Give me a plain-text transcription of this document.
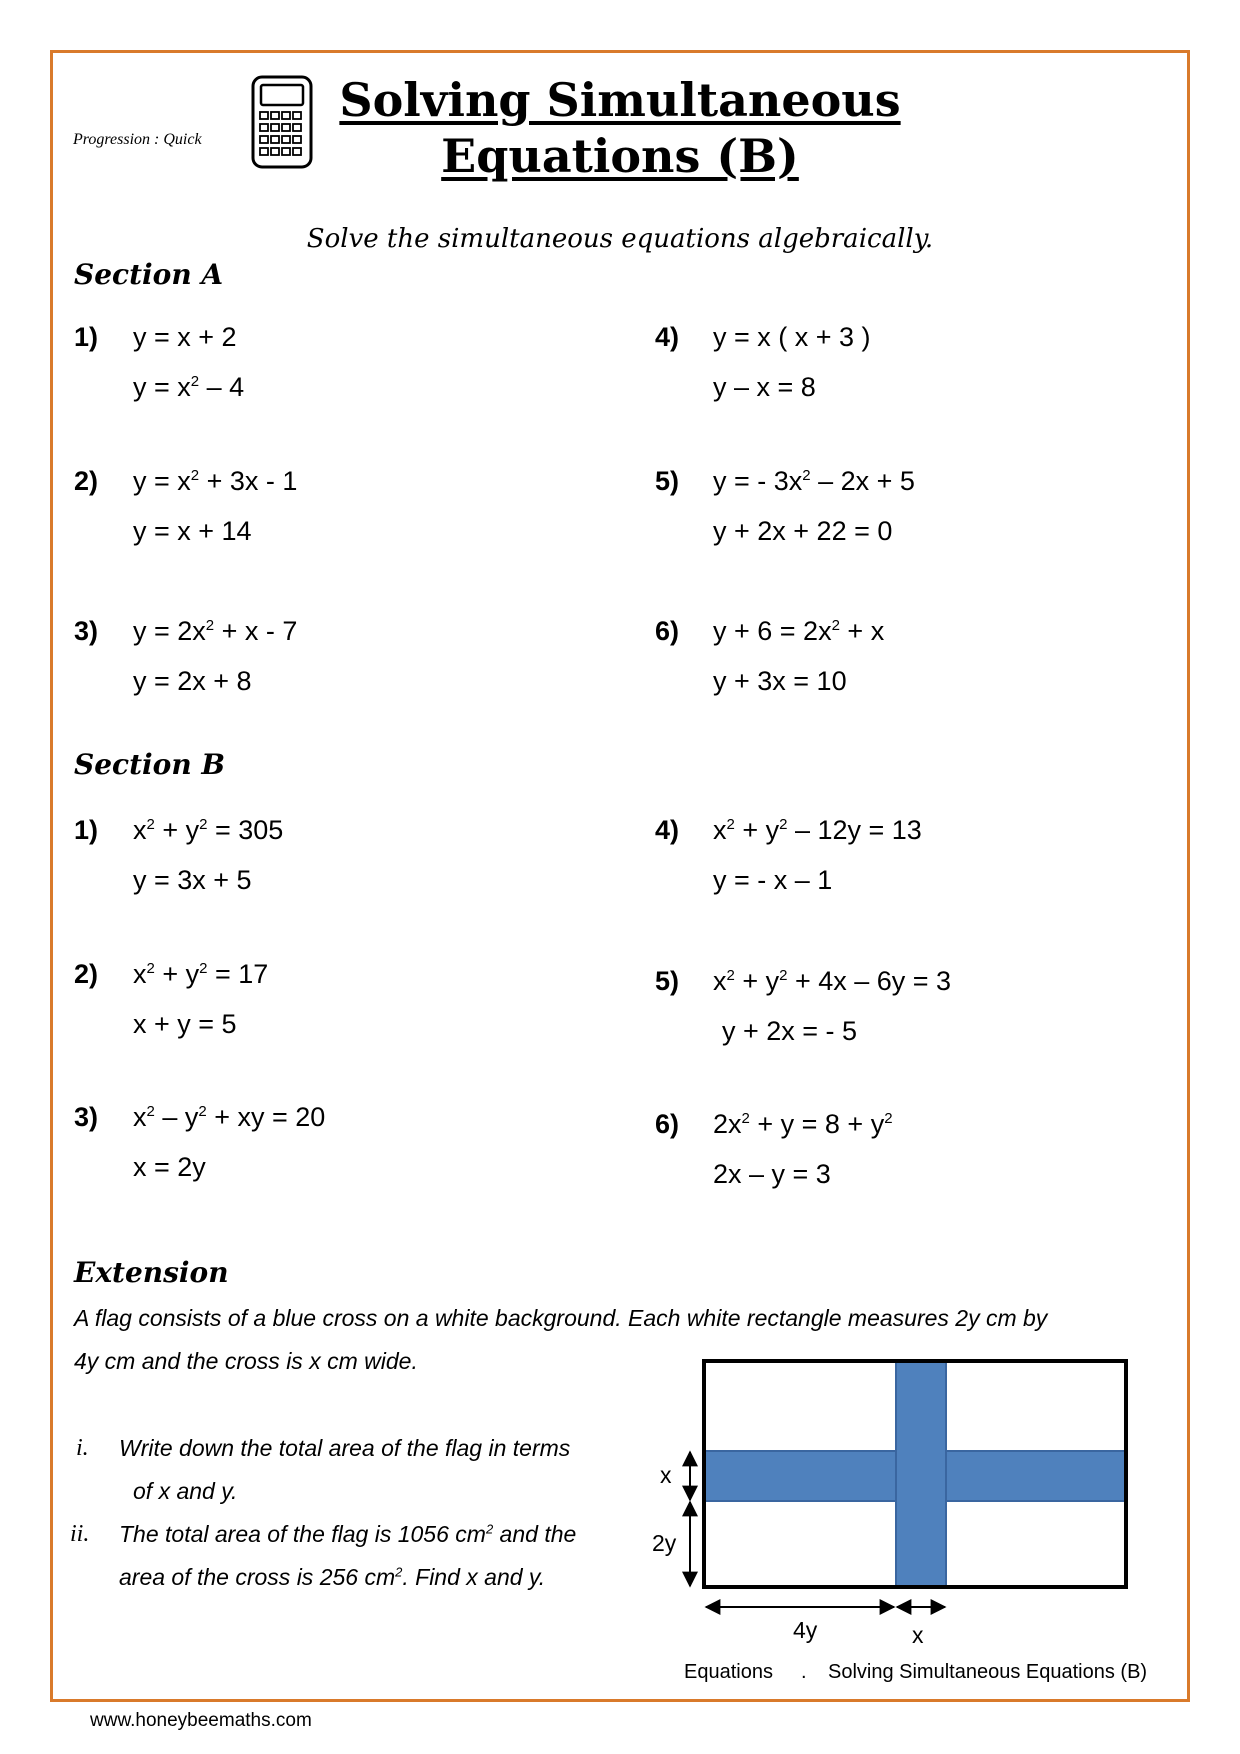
Progression : Quick
Solving Simultaneous
Equations (B)
Solve the simultaneous equations algebraically.
Section A
1) y = x + 2
$y = x^2 - 4$
2) $y = x^2 + 3x - 1$
y = x + 14
3) $y = 2x^2 + x - 7$
y = 2x + 8
4) y = x ( x + 3 )
y – x = 8
5) y = - $3x^2 - 2x + 5$
y + 2x + 22 = 0
6) $y + 6 = 2x^2 + x$
y + 3x = 10
Section B
1) $x^2 + y^2 = 305$
y = 3x + 5
2) $x^2 + y^2 = 17$
x + y = 5
3) $x^2 - y^2$ + xy = 20
x = 2y
4) $x^2 + y^2 - 12y = 13$
y = - x – 1
5) $x^2 + y^2 + 4x - 6y = 3$
y + 2x = - 5
6) $2x^2 + y = 8 + y^2$
2x – y = 3
Extension
A flag consists of a blue cross on a white background. Each white rectangle measures 2y cm by
4y cm and the cross is x cm wide.
i. Write down the total area of the flag in terms
of x and y.
ii. The total area of the flag is 1056 $cm^2$ and the
area of the cross is 256 $cm^2$. Find x and y.
x
2y
4y	x
Equations . Solving Simultaneous Equations (B)
www.honeybeemaths.com
